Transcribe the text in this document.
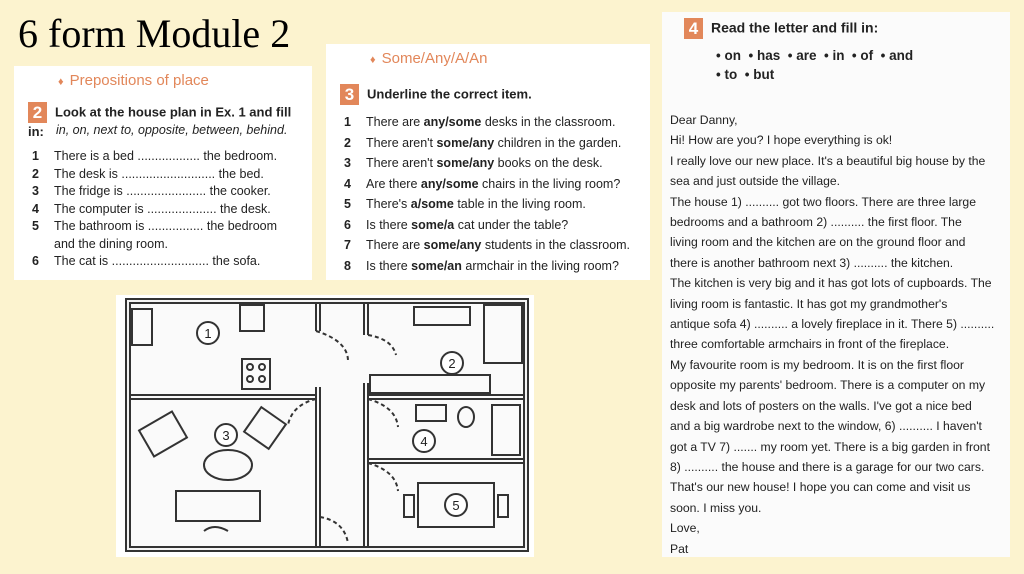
6 form Module 2
♦ Prepositions of place
2 Look at the house plan in Ex. 1 and fill in: in, on, next to, opposite, between, behind.
1	There is a bed .................. the bedroom.
2	The desk is ........................... the bed.
3	The fridge is ....................... the cooker.
4	The computer is .................... the desk.
5	The bathroom is ................ the bedroom
and the dining room.
6	The cat is ............................ the sofa.
♦ Some/Any/A/An
3 Underline the correct item.
1	There are any/some desks in the classroom.
2	There aren't some/any children in the garden.
3	There aren't some/any books on the desk.
4	Are there any/some chairs in the living room?
5	There's a/some table in the living room.
6	Is there some/a cat under the table?
7	There are some/any students in the classroom.
8	Is there some/an armchair in the living room?
1
2
3	4
5
4 Read the letter and fill in:
• on  • has  • are  • in  • of  • and
• to  • but

Dear Danny,

Hi! How are you? I hope everything is ok!

I really love our new place. It's a beautiful big house by the

sea and just outside the village.

The house 1) .......... got two floors. There are three large

bedrooms and a bathroom 2) .......... the first floor. The

living room and the kitchen are on the ground floor and

there is another bathroom next 3) .......... the kitchen.

The kitchen is very big and it has got lots of cupboards. The

living room is fantastic. It has got my grandmother's

antique sofa 4) .......... a lovely fireplace in it. There 5) ..........

three comfortable armchairs in front of the fireplace.

My favourite room is my bedroom. It is on the first floor

opposite my parents' bedroom. There is a computer on my

desk and lots of posters on the walls. I've got a nice bed

and a big wardrobe next to the window, 6) .......... I haven't

got a TV 7) ....... my room yet. There is a big garden in front

8) .......... the house and there is a garage for our two cars.

That's our new house! I hope you can come and visit us

soon. I miss you.

Love,

Pat
